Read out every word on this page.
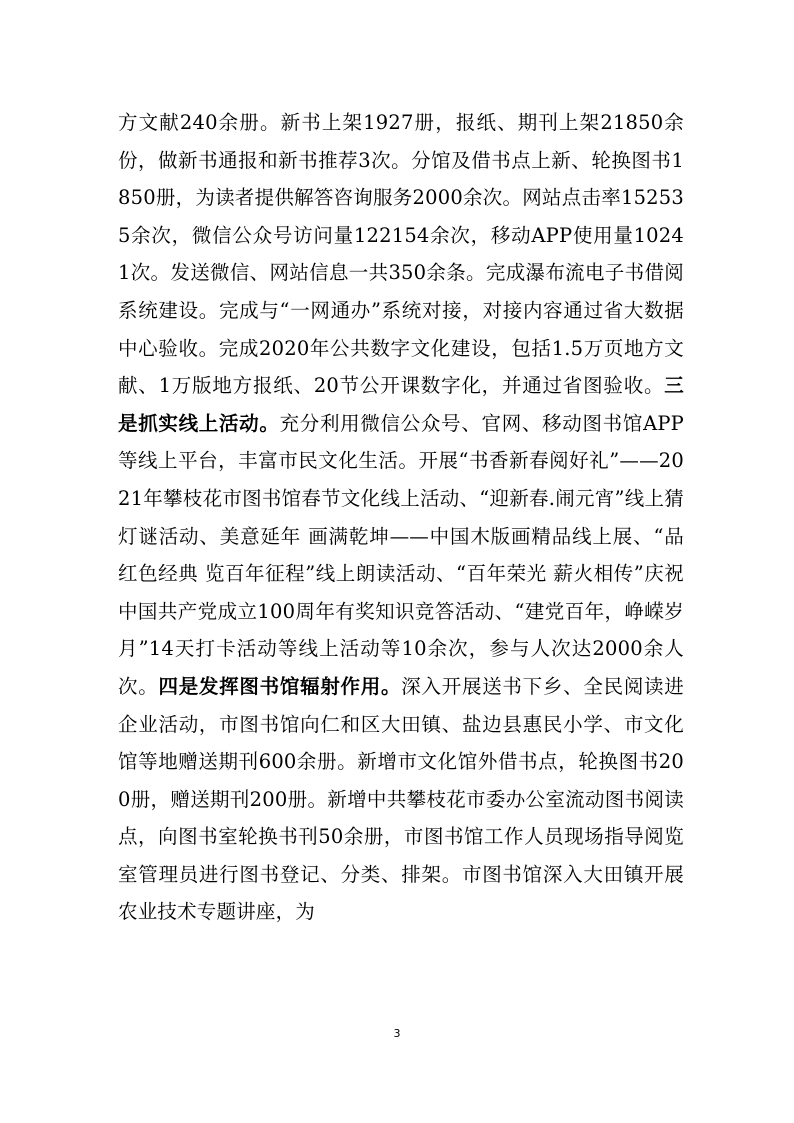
方文献240余册。新书上架1927册，报纸、期刊上架21850余份，做新书通报和新书推荐3次。分馆及借书点上新、轮换图书1850册，为读者提供解答咨询服务2000余次。网站点击率152535余次，微信公众号访问量122154余次，移动APP使用量10241次。发送微信、网站信息一共350余条。完成瀑布流电子书借阅系统建设。完成与“一网通办”系统对接，对接内容通过省大数据中心验收。完成2020年公共数字文化建设，包括1.5万页地方文献、1万版地方报纸、20节公开课数字化，并通过省图验收。三是抓实线上活动。充分利用微信公众号、官网、移动图书馆APP等线上平台，丰富市民文化生活。开展“书香新春阅好礼”——2021年攀枝花市图书馆春节文化线上活动、“迎新春.闹元宵”线上猜灯谜活动、美意延年 画满乾坤——中国木版画精品线上展、“品红色经典 览百年征程”线上朗读活动、“百年荣光 薪火相传”庆祝中国共产党成立100周年有奖知识竞答活动、“建党百年，峥嵘岁月”14天打卡活动等线上活动等10余次，参与人次达2000余人次。四是发挥图书馆辐射作用。深入开展送书下乡、全民阅读进企业活动，市图书馆向仁和区大田镇、盐边县惠民小学、市文化馆等地赠送期刊600余册。新增市文化馆外借书点，轮换图书200册，赠送期刊200册。新增中共攀枝花市委办公室流动图书阅读点，向图书室轮换书刊50余册，市图书馆工作人员现场指导阅览室管理员进行图书登记、分类、排架。市图书馆深入大田镇开展农业技术专题讲座，为

3
